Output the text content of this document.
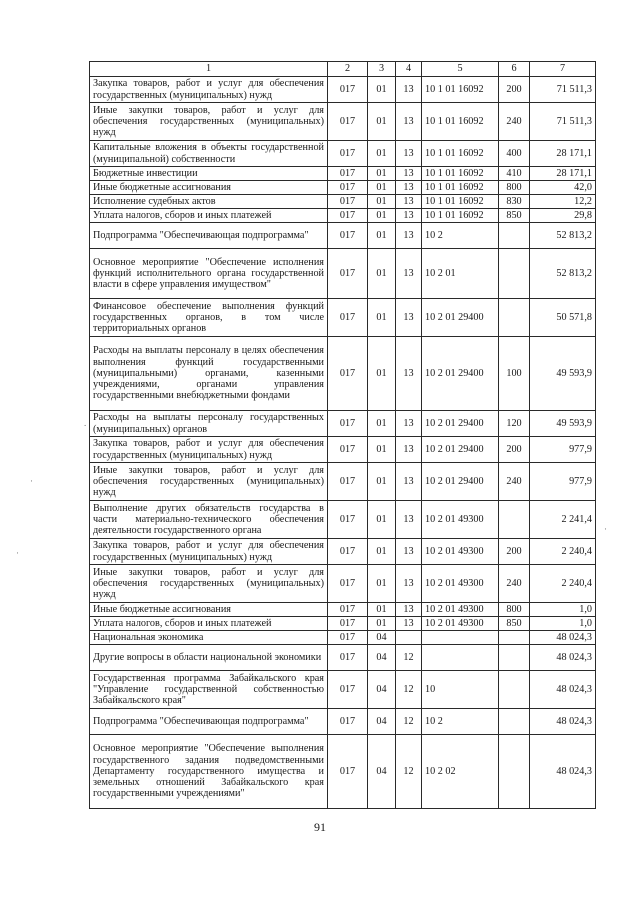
1	2	3	4	5	6	7
Закупка товаров, работ и услуг для обеспечения государственных (муниципальных) нужд	017	01	13	10 1 01 16092	200	71 511,3
Иные закупки товаров, работ и услуг для обеспечения государственных (муниципальных) нужд	017	01	13	10 1 01 16092	240	71 511,3
Капитальные вложения в объекты государственной (муниципальной) собственности	017	01	13	10 1 01 16092	400	28 171,1
Бюджетные инвестиции	017	01	13	10 1 01 16092	410	28 171,1
Иные бюджетные ассигнования	017	01	13	10 1 01 16092	800	42,0
Исполнение судебных актов	017	01	13	10 1 01 16092	830	12,2
Уплата налогов, сборов и иных платежей	017	01	13	10 1 01 16092	850	29,8
Подпрограмма "Обеспечивающая подпрограмма"	017	01	13	10 2		52 813,2
Основное мероприятие "Обеспечение исполнения функций исполнительного органа государственной власти в сфере управления имуществом"	017	01	13	10 2 01		52 813,2
Финансовое обеспечение выполнения функций государственных органов, в том числе территориальных органов	017	01	13	10 2 01 29400		50 571,8
Расходы на выплаты персоналу в целях обеспечения выполнения функций государственными (муниципальными) органами, казенными учреждениями, органами управления государственными внебюджетными фондами	017	01	13	10 2 01 29400	100	49 593,9
Расходы на выплаты персоналу государственных (муниципальных) органов	017	01	13	10 2 01 29400	120	49 593,9
Закупка товаров, работ и услуг для обеспечения государственных (муниципальных) нужд	017	01	13	10 2 01 29400	200	977,9
Иные закупки товаров, работ и услуг для обеспечения государственных (муниципальных) нужд	017	01	13	10 2 01 29400	240	977,9
Выполнение других обязательств государства в части материально-технического обеспечения деятельности государственного органа	017	01	13	10 2 01 49300		2 241,4
Закупка товаров, работ и услуг для обеспечения государственных (муниципальных) нужд	017	01	13	10 2 01 49300	200	2 240,4
Иные закупки товаров, работ и услуг для обеспечения государственных (муниципальных) нужд	017	01	13	10 2 01 49300	240	2 240,4
Иные бюджетные ассигнования	017	01	13	10 2 01 49300	800	1,0
Уплата налогов, сборов и иных платежей	017	01	13	10 2 01 49300	850	1,0
Национальная экономика	017	04				48 024,3
Другие вопросы в области национальной экономики	017	04	12			48 024,3
Государственная программа Забайкальского края "Управление государственной собственностью Забайкальского края"	017	04	12	10		48 024,3
Подпрограмма "Обеспечивающая подпрограмма"	017	04	12	10 2		48 024,3
Основное мероприятие "Обеспечение выполнения государственного задания подведомственными Департаменту государственного имущества и земельных отношений Забайкальского края государственными учреждениями"	017	04	12	10 2 02		48 024,3
91
·
·
·
.
